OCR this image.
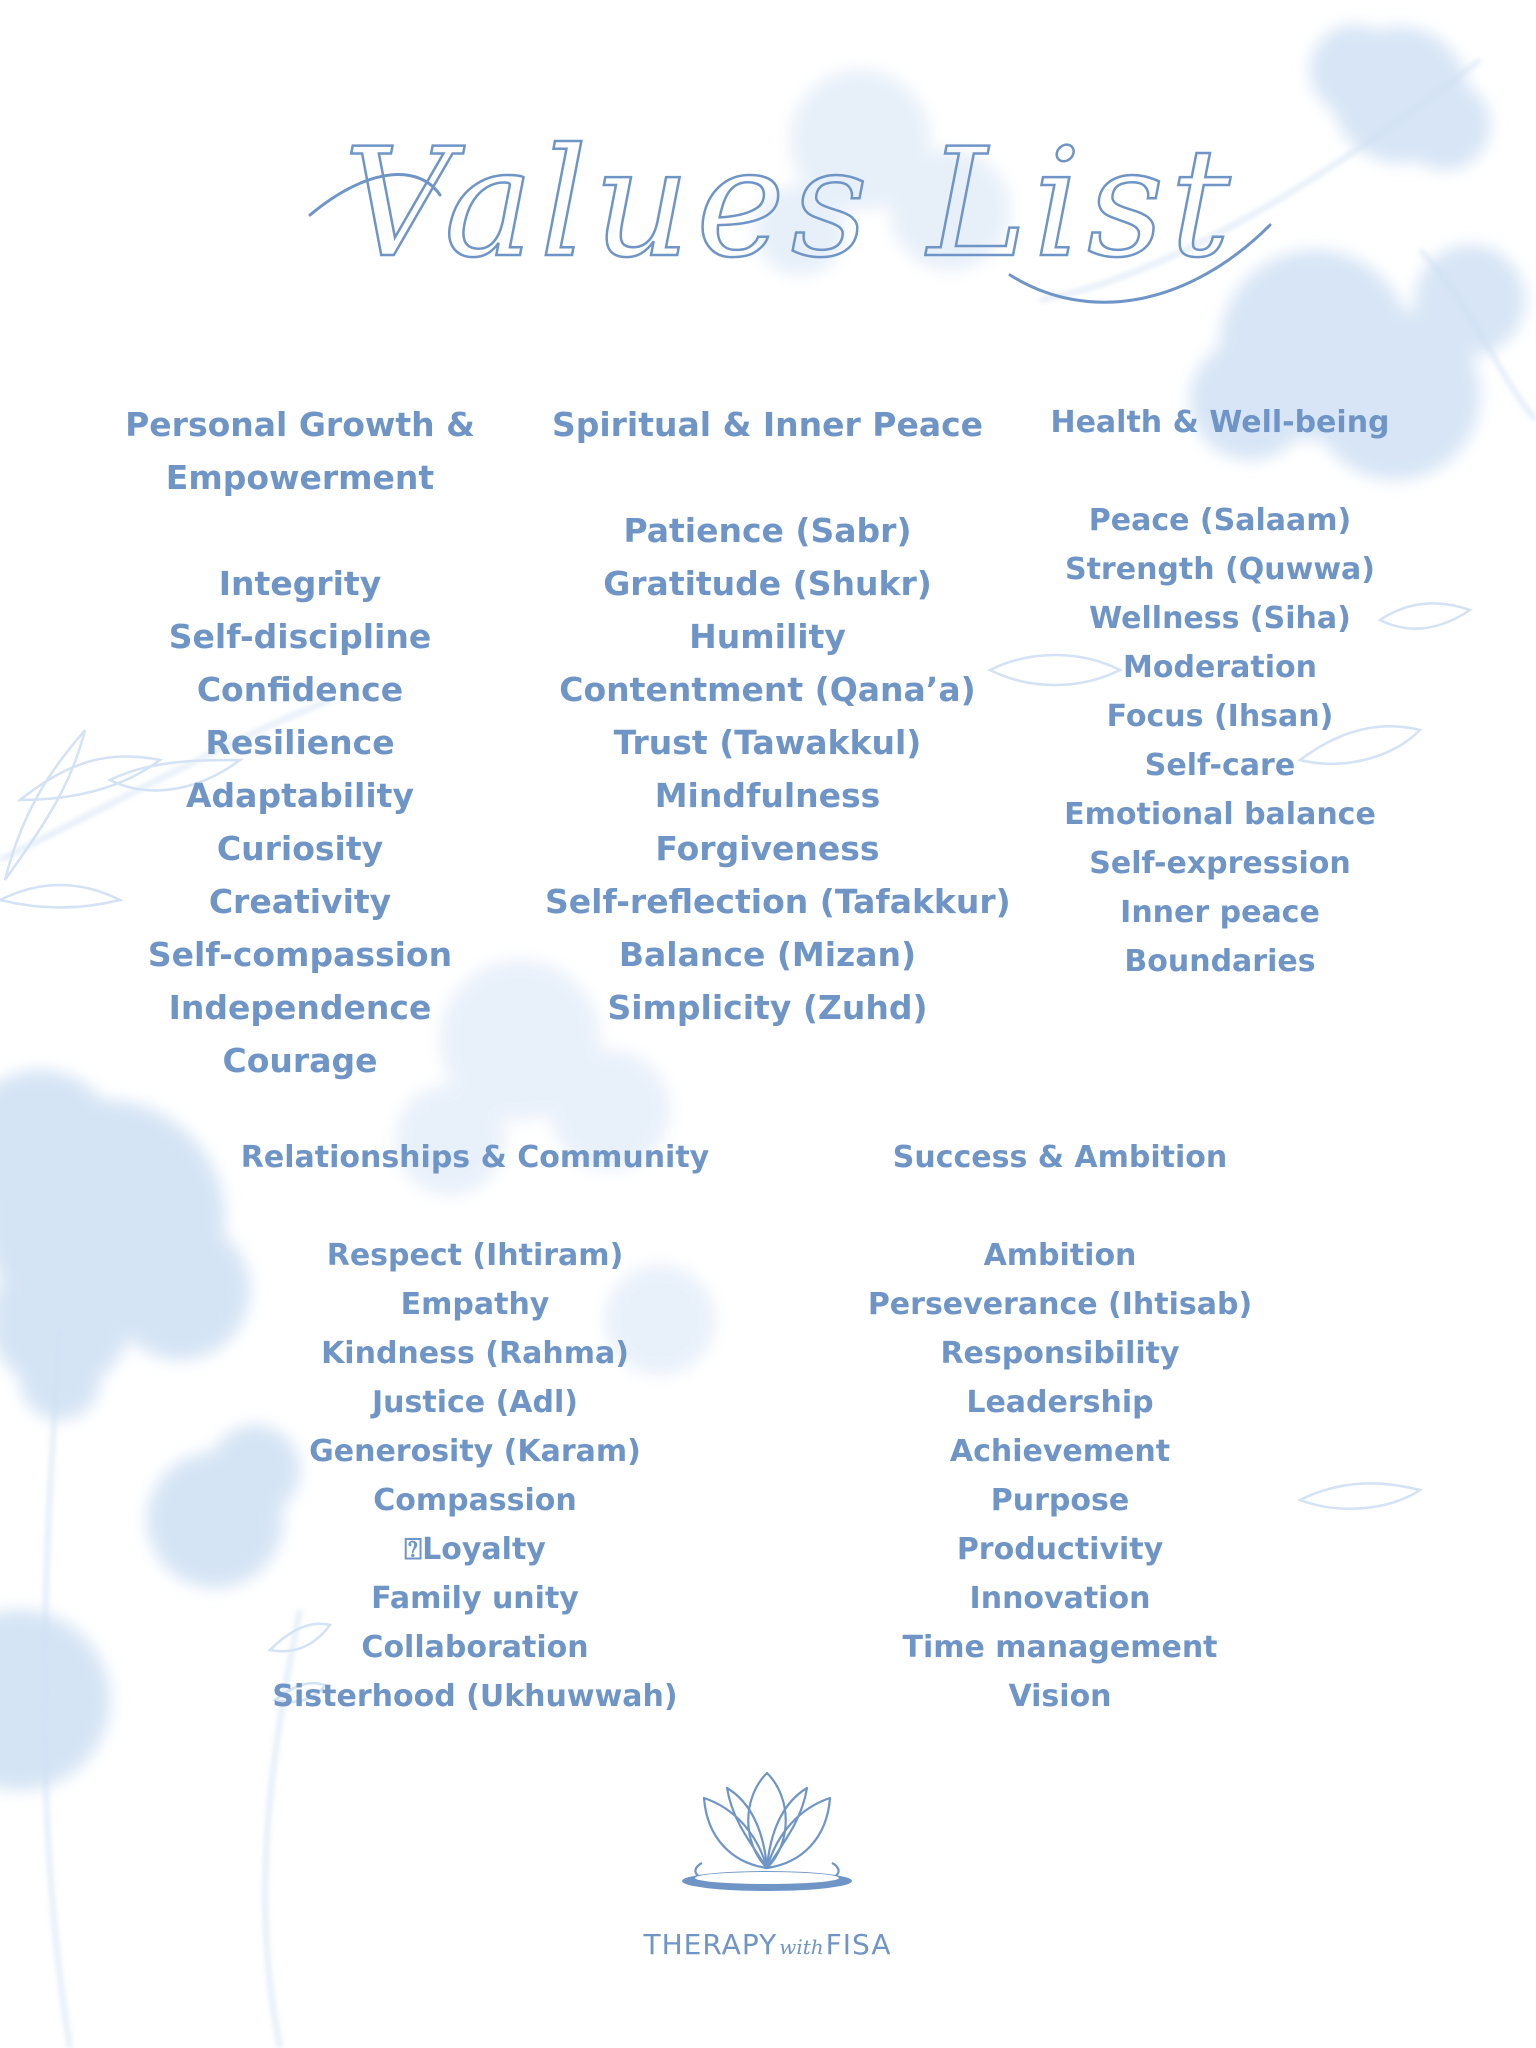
Values List
Personal Growth &
Empowerment
Integrity
Self-discipline
Confidence
Resilience
Adaptability
Curiosity
Creativity
Self-compassion
Independence
Courage
Spiritual & Inner Peace
Patience (Sabr)
Gratitude (Shukr)
Humility
Contentment (Qana’a)
Trust (Tawakkul)
Mindfulness
Forgiveness
Self-reflection (Tafakkur)
Balance (Mizan)
Simplicity (Zuhd)
Health & Well-being
Peace (Salaam)
Strength (Quwwa)
Wellness (Siha)
Moderation
Focus (Ihsan)
Self-care
Emotional balance
Self-expression
Inner peace
Boundaries
Relationships & Community
Respect (Ihtiram)
Empathy
Kindness (Rahma)
Justice (Adl)
Generosity (Karam)
Compassion
⍰Loyalty
Family unity
Collaboration
Sisterhood (Ukhuwwah)
Success & Ambition
Ambition
Perseverance (Ihtisab)
Responsibility
Leadership
Achievement
Purpose
Productivity
Innovation
Time management
Vision
THERAPY withFISA
